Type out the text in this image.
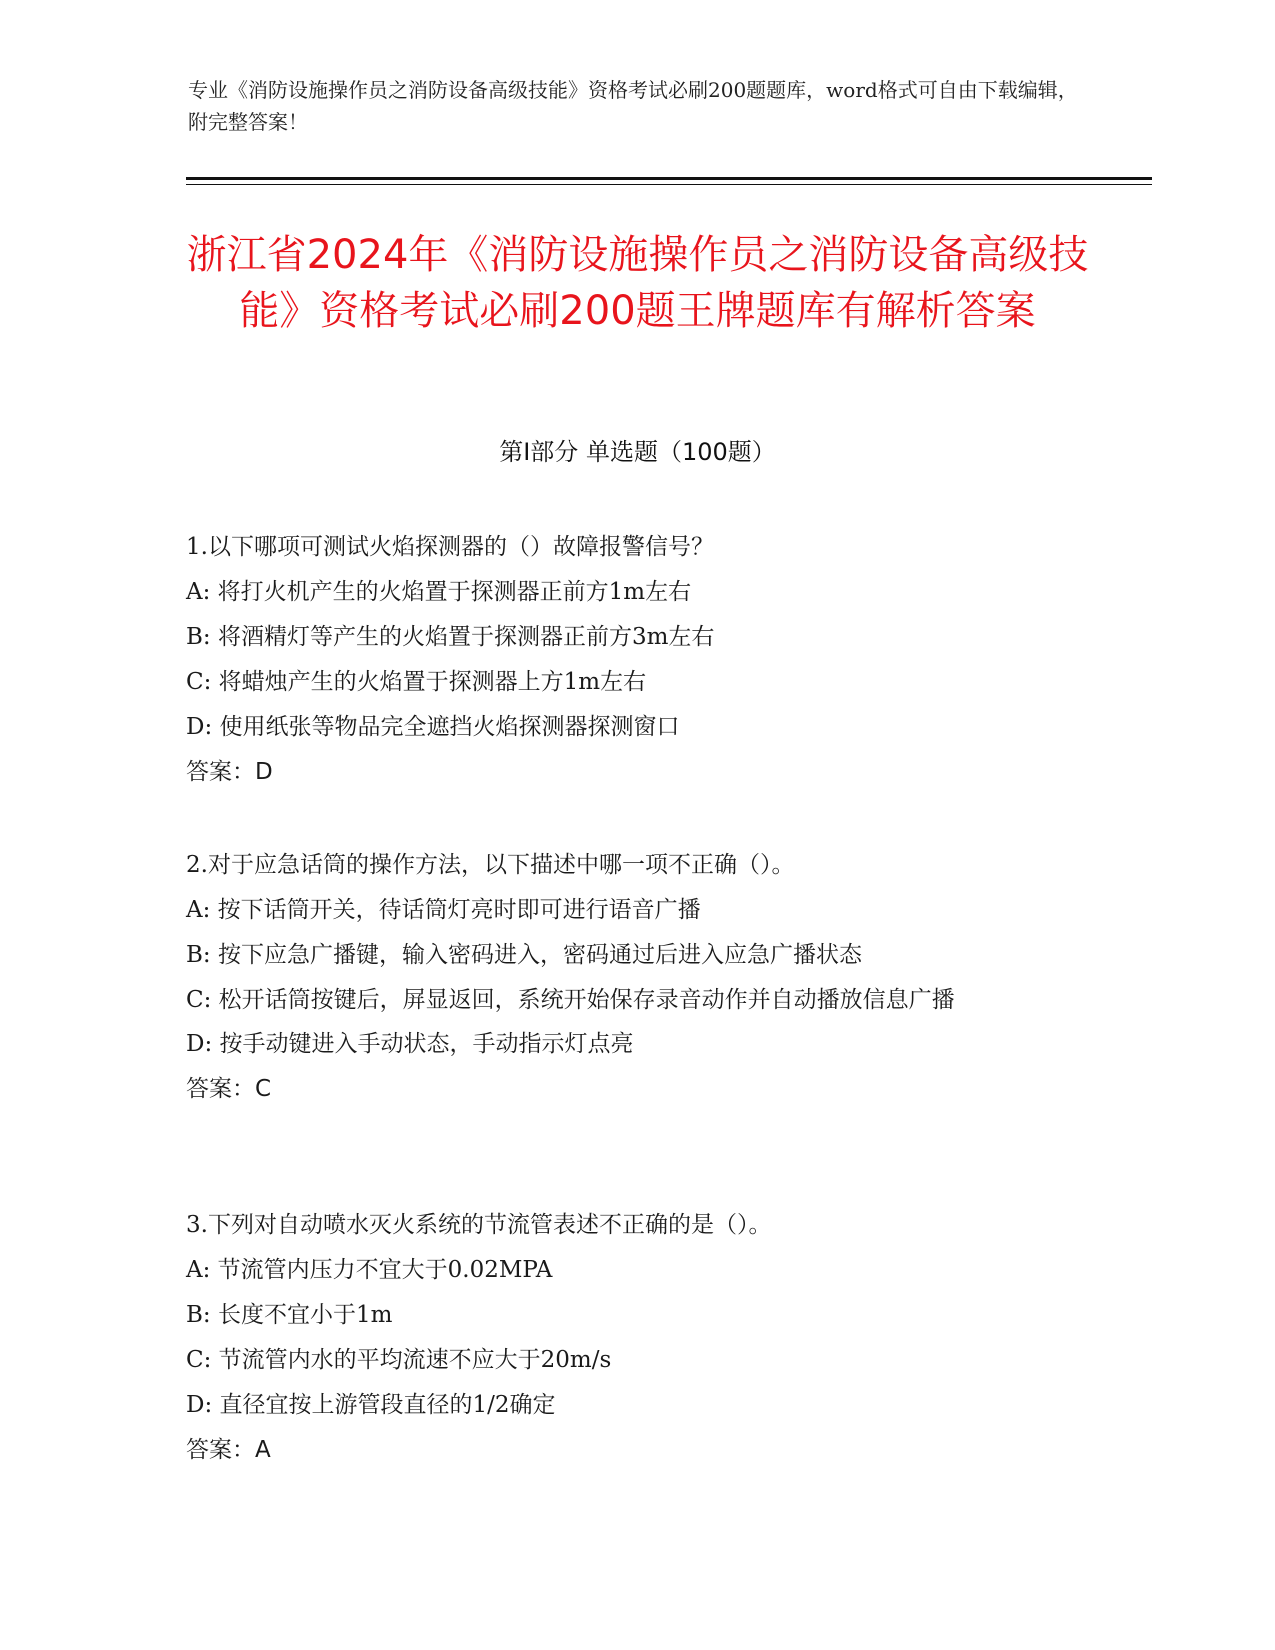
专业《消防设施操作员之消防设备高级技能》资格考试必刷200题题库，word格式可自由下载编辑，附完整答案！
浙江省2024年《消防设施操作员之消防设备高级技能》资格考试必刷200题王牌题库有解析答案
第I部分 单选题（100题）
1.以下哪项可测试火焰探测器的（）故障报警信号？
A: 将打火机产生的火焰置于探测器正前方1m左右
B: 将酒精灯等产生的火焰置于探测器正前方3m左右
C: 将蜡烛产生的火焰置于探测器上方1m左右
D: 使用纸张等物品完全遮挡火焰探测器探测窗口
答案：D
2.对于应急话筒的操作方法，以下描述中哪一项不正确（）。
A: 按下话筒开关，待话筒灯亮时即可进行语音广播
B: 按下应急广播键，输入密码进入，密码通过后进入应急广播状态
C: 松开话筒按键后，屏显返回，系统开始保存录音动作并自动播放信息广播
D: 按手动键进入手动状态，手动指示灯点亮
答案：C
3.下列对自动喷水灭火系统的节流管表述不正确的是（）。
A: 节流管内压力不宜大于0.02MPA
B: 长度不宜小于1m
C: 节流管内水的平均流速不应大于20m/s
D: 直径宜按上游管段直径的1/2确定
答案：A
